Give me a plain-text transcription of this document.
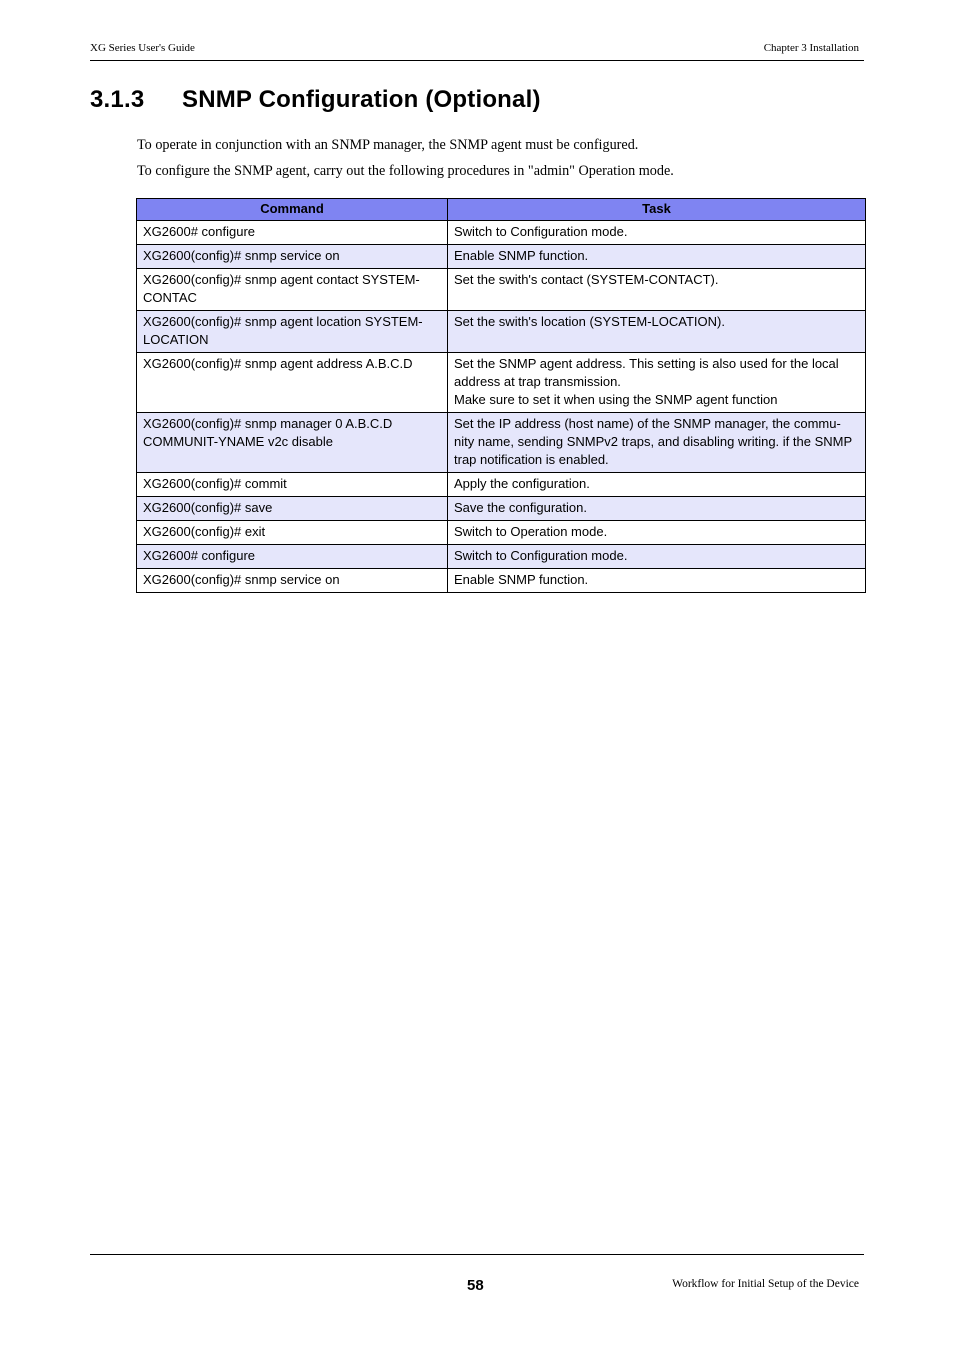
XG Series User's Guide	Chapter 3 Installation
3.1.3 SNMP Configuration (Optional)

To operate in conjunction with an SNMP manager, the SNMP agent must be configured.

To configure the SNMP agent, carry out the following procedures in "admin" Operation mode.

Command	Task
XG2600# configure	Switch to Configuration mode.
XG2600(config)# snmp service on	Enable SNMP function.
XG2600(config)# snmp agent contact SYSTEM-
CONTAC	Set the swith's contact (SYSTEM-CONTACT).
XG2600(config)# snmp agent location SYSTEM-
LOCATION	Set the swith's location (SYSTEM-LOCATION).
XG2600(config)# snmp agent address A.B.C.D	Set the SNMP agent address. This setting is also used for the local
address at trap transmission.
Make sure to set it when using the SNMP agent function
XG2600(config)# snmp manager 0 A.B.C.D
COMMUNIT-YNAME v2c disable	Set the IP address (host name) of the SNMP manager, the commu-
nity name, sending SNMPv2 traps, and disabling writing. if the SNMP
trap notification is enabled.
XG2600(config)# commit	Apply the configuration.
XG2600(config)# save	Save the configuration.
XG2600(config)# exit	Switch to Operation mode.
XG2600# configure	Switch to Configuration mode.
XG2600(config)# snmp service on	Enable SNMP function.
58	Workflow for Initial Setup of the Device
